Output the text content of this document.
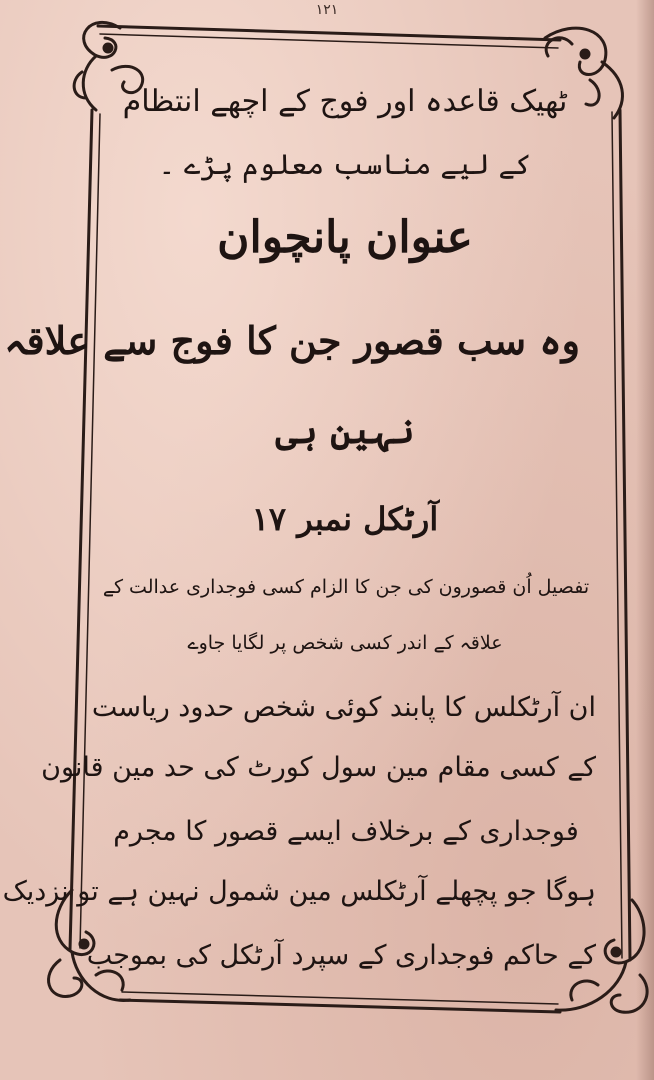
۱۲۱
ٹھیک قاعدہ اور فوج کے اچھے انتظام
کے لیے مناسب معلوم پڑے ۔
عنوان پانچوان
وہ سب قصور جن کا فوج سے علاقہ
نہین ہی
آرٹکل نمبر ۱۷
تفصیل اُن قصورون کی جن کا الزام کسی فوجداری عدالت کے
علاقہ کے اندر کسی شخص پر لگایا جاوے
ان آرٹکلس کا پابند کوئی شخص حدود ریاست
کے کسی مقام مین سول کورٹ کی حد مین قانون
فوجداری کے برخلاف ایسے قصور کا مجرم
ہوگا جو پچھلے آرٹکلس مین شمول نہین ہے تو نزدیک
کے حاکم فوجداری کے سپرد آرٹکل کی بموجب
